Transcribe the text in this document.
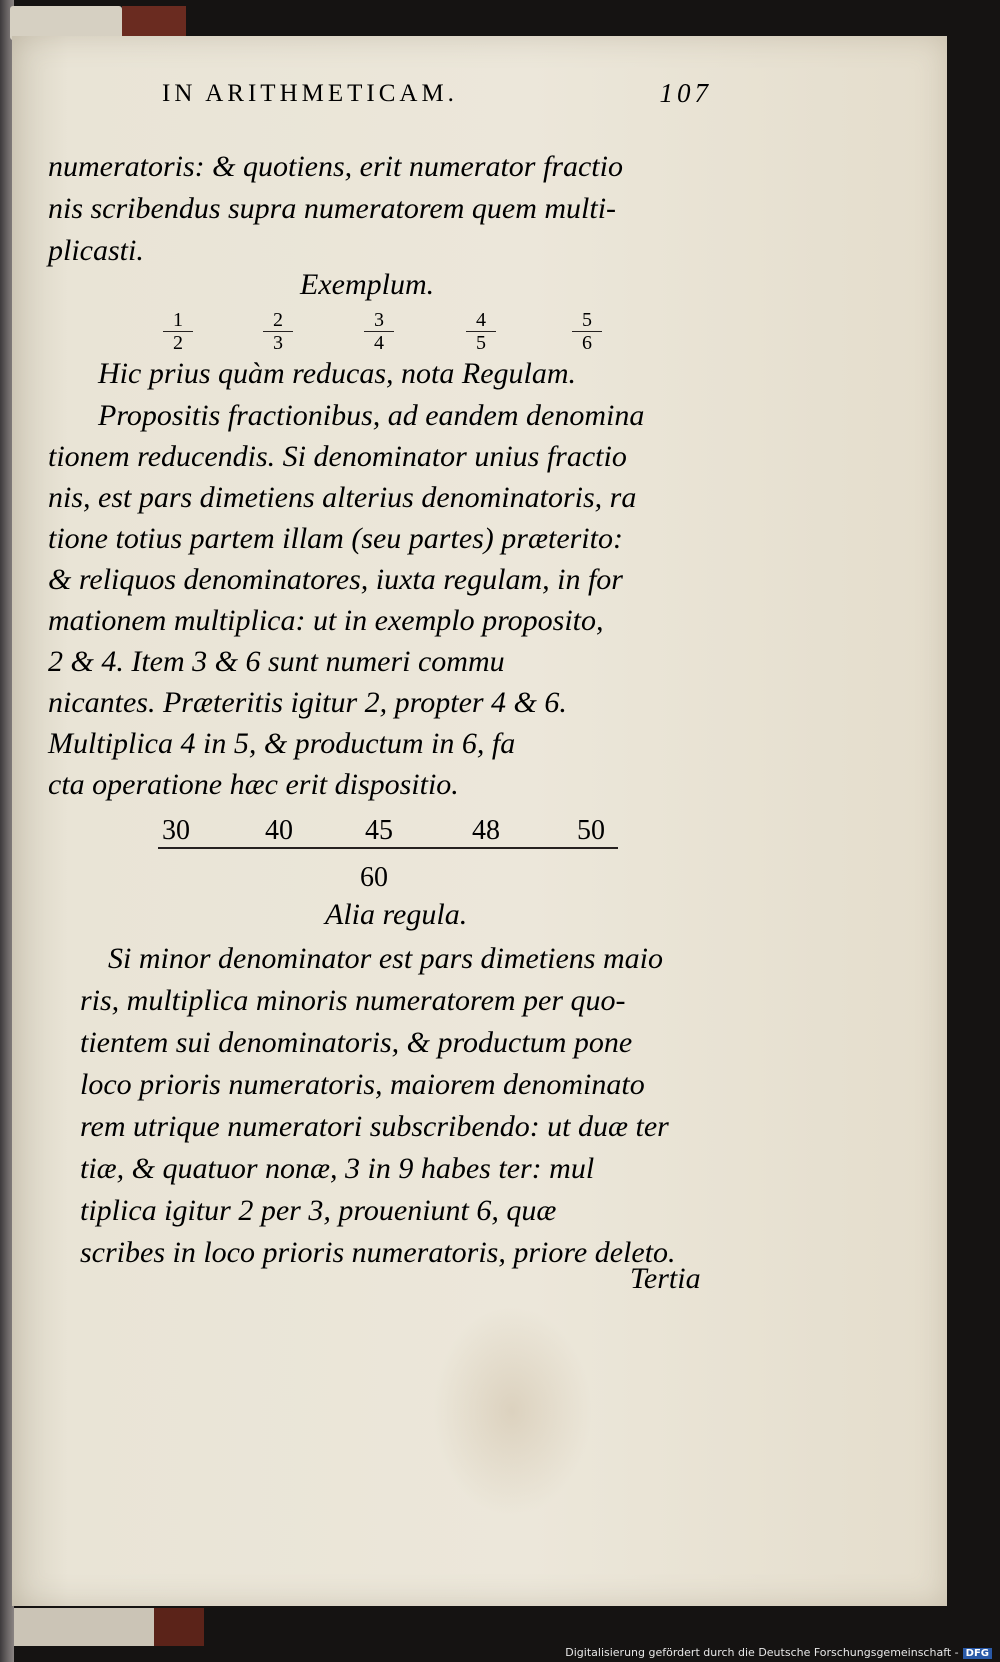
IN ARITHMETICAM.	107
numeratoris: & quotiens, erit numerator fractio
nis scribendus supra numeratorem quem multi-
plicasti.
Exemplum.
$\frac{1}{2}$	$\frac{2}{3}$	$\frac{3}{4}$	$\frac{4}{5}$	$\frac{5}{6}$
Hic prius quàm reducas, nota Regulam.
Propositis fractionibus, ad eandem denomina
tionem reducendis. Si denominator unius fractio
nis, est pars dimetiens alterius denominatoris, ra
tione totius partem illam (seu partes) præterito:
& reliquos denominatores, iuxta regulam, in for
mationem multiplica: ut in exemplo proposito,
2 & 4. Item 3 & 6 sunt numeri commu
nicantes. Præteritis igitur 2, propter 4 & 6.
Multiplica 4 in 5, & productum in 6, fa
cta operatione hæc erit dispositio.
30	40	45	48	50
60
Alia regula.
Si minor denominator est pars dimetiens maio
ris, multiplica minoris numeratorem per quo-
tientem sui denominatoris, & productum pone
loco prioris numeratoris, maiorem denominato
rem utrique numeratori subscribendo: ut duæ ter
tiæ, & quatuor nonæ, 3 in 9 habes ter: mul
tiplica igitur 2 per 3, proueniunt 6, quæ
scribes in loco prioris numeratoris, priore deleto.
Tertia
Digitalisierung gefördert durch die Deutsche Forschungsgemeinschaft - DFG
